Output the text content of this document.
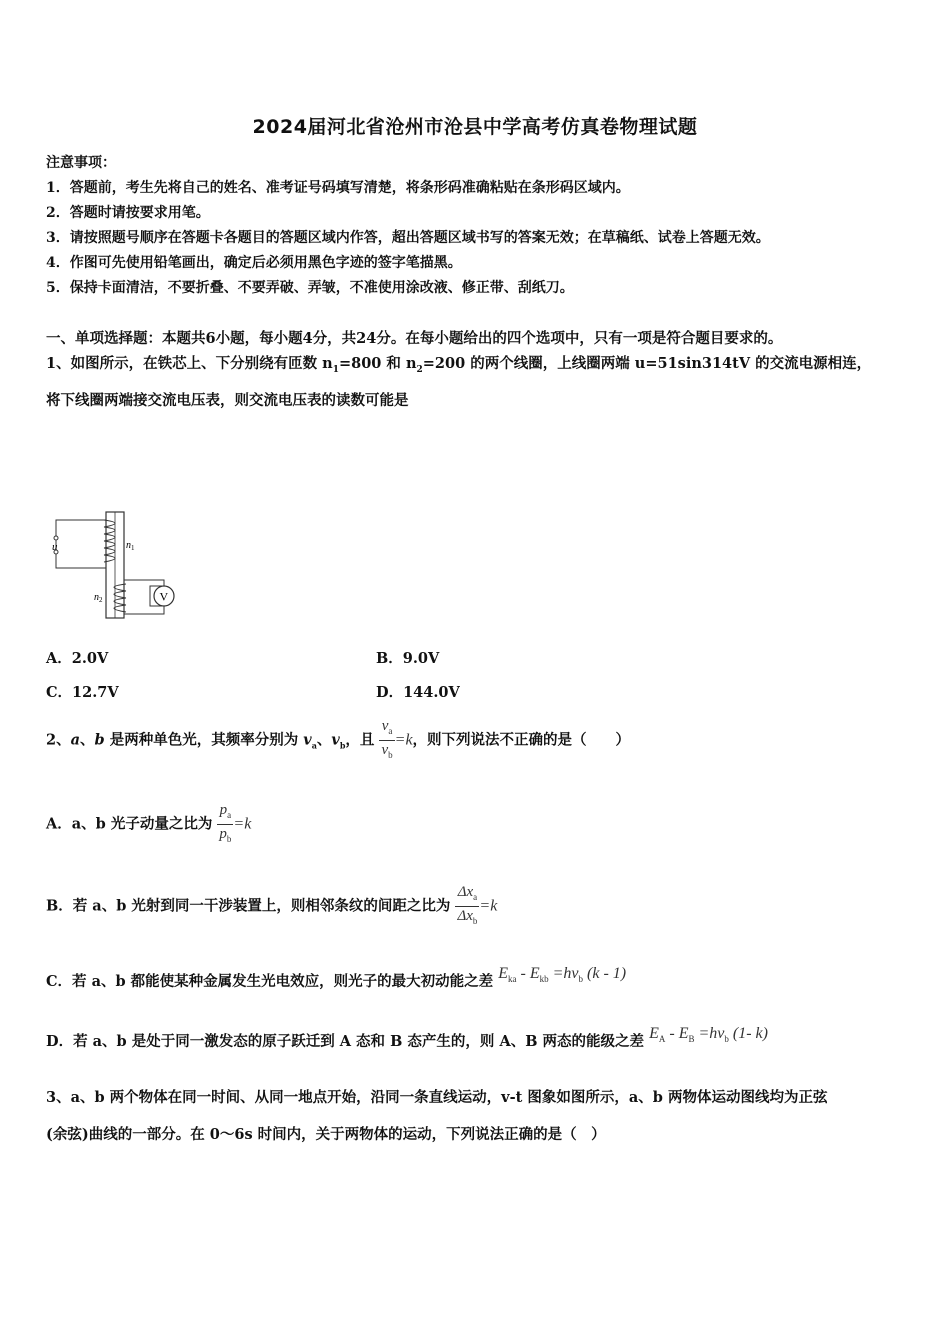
2024届河北省沧州市沧县中学高考仿真卷物理试题
注意事项：
1．答题前，考生先将自己的姓名、准考证号码填写清楚，将条形码准确粘贴在条形码区域内。
2．答题时请按要求用笔。
3．请按照题号顺序在答题卡各题目的答题区域内作答，超出答题区域书写的答案无效；在草稿纸、试卷上答题无效。
4．作图可先使用铅笔画出，确定后必须用黑色字迹的签字笔描黑。
5．保持卡面清洁，不要折叠、不要弄破、弄皱，不准使用涂改液、修正带、刮纸刀。
一、单项选择题：本题共6小题，每小题4分，共24分。在每小题给出的四个选项中，只有一项是符合题目要求的。
1、如图所示，在铁芯上、下分别绕有匝数 $n_1=800$ 和 $n_2=200$ 的两个线圈，上线圈两端 u=51sin314tV 的交流电源相连，
将下线圈两端接交流电压表，则交流电压表的读数可能是
u	$n_1$
$n_2$	V
A．2.0V	B．9.0V
C．12.7V	D．144.0V
2、a、b 是两种单色光，其频率分别为 $v_a$、$v_b$，且 $\frac{v_a}{v_b} =k$，则下列说法不正确的是（　　）
A．a、b 光子动量之比为 $\frac{p_a}{p_b} =k$
B．若 a、b 光射到同一干涉装置上，则相邻条纹的间距之比为 $\frac{\Delta x_a}{\Delta x_b} =k$
C．若 a、b 都能使某种金属发生光电效应，则光子的最大初动能之差 $E_{ka} - E_{kb} =hv_b$ (k - 1)
D．若 a、b 是处于同一激发态的原子跃迁到 A 态和 B 态产生的，则 A、B 两态的能级之差 $E_A - E_B =hv_b$ (1- k)
3、a、b 两个物体在同一时间、从同一地点开始，沿同一条直线运动，v-t 图象如图所示，a、b 两物体运动图线均为正弦
(余弦)曲线的一部分。在 0～6s 时间内，关于两物体的运动，下列说法正确的是（　）
